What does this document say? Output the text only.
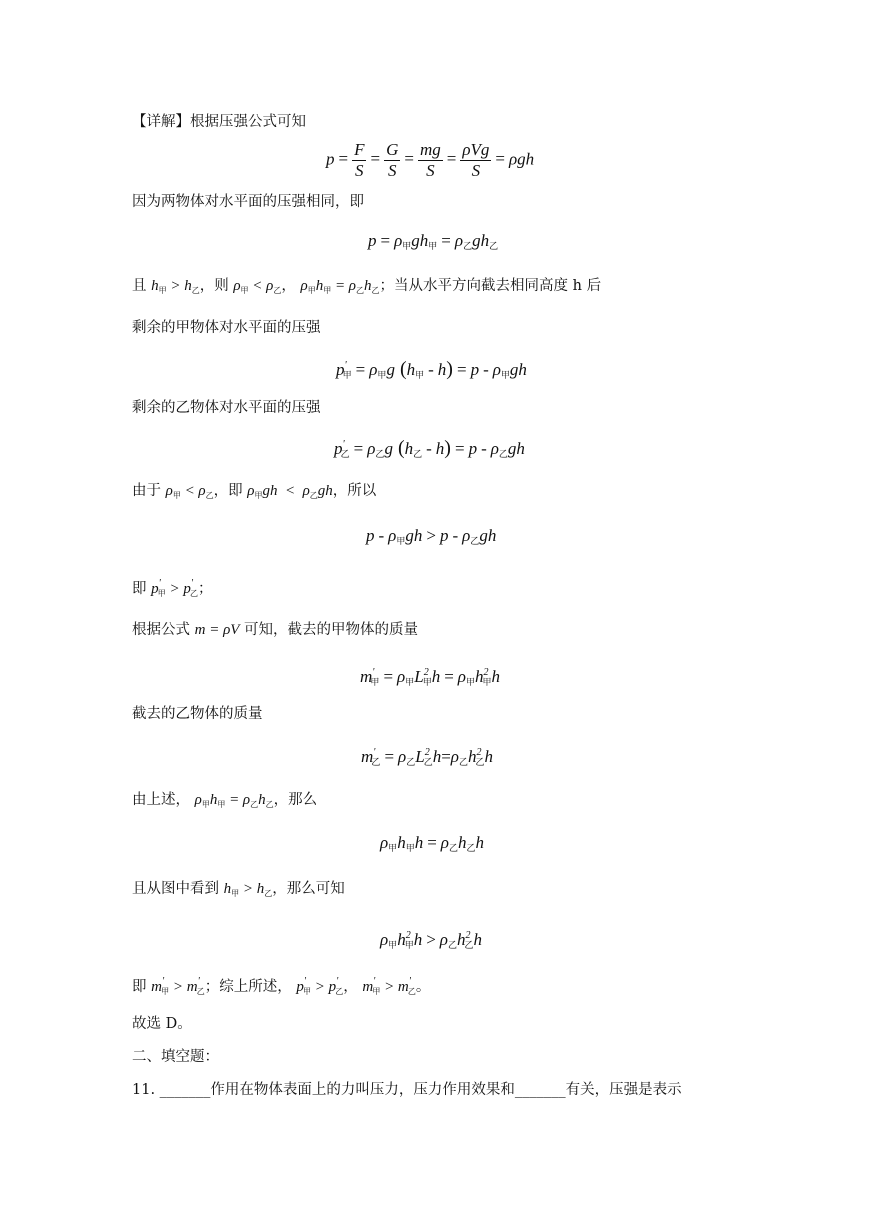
【详解】根据压强公式可知
$p = \frac{F}{S} = \frac{G}{S} = \frac{mg}{S} = \frac{\text{ρVg}}{S} = \rho gh$
因为两物体对水平面的压强相同，即
$p = \rho_甲gh_甲 = \rho_乙gh_乙$
且 $h_甲 > h_乙$，则 $\rho_甲 < \rho_乙$， $\rho_甲h_甲 = \rho_乙h_乙$；当从水平方向截去相同高度 h 后
剩余的甲物体对水平面的压强
$p'_甲 = \rho_甲g$ $(h_甲 - h) = p - \rho_甲gh$
剩余的乙物体对水平面的压强
$p'_乙 = \rho_乙g$ $(h_乙 - h) = p - \rho_乙gh$
由于 $\rho_甲 < \rho_乙$，即 $\rho_甲gh < \rho_乙gh$，所以
$p - \rho_甲gh > p - \rho_乙gh$
即 $p'_甲 > p'_乙$；
根据公式 m = ρV 可知，截去的甲物体的质量
$m'_甲 = \rho_甲L^2_甲h = \rho_甲h^2_甲h$
截去的乙物体的质量
$m'_乙 = \rho_乙L^2_乙h=\rho_乙h^2_乙h$
由上述， $\rho_甲h_甲 = \rho_乙h_乙$，那么
$\rho_甲h_甲h = \rho_乙h_乙h$
且从图中看到 $h_甲 > h_乙$，那么可知
$\rho_甲h^2_甲h > \rho_乙h^2_乙h$
即 $m'_甲 > m'_乙$；综上所述， $p'_甲 > p'_乙$， $m'_甲 > m'_乙$。
故选 D。
二、填空题：
11. _______作用在物体表面上的力叫压力，压力作用效果和_______有关，压强是表示
